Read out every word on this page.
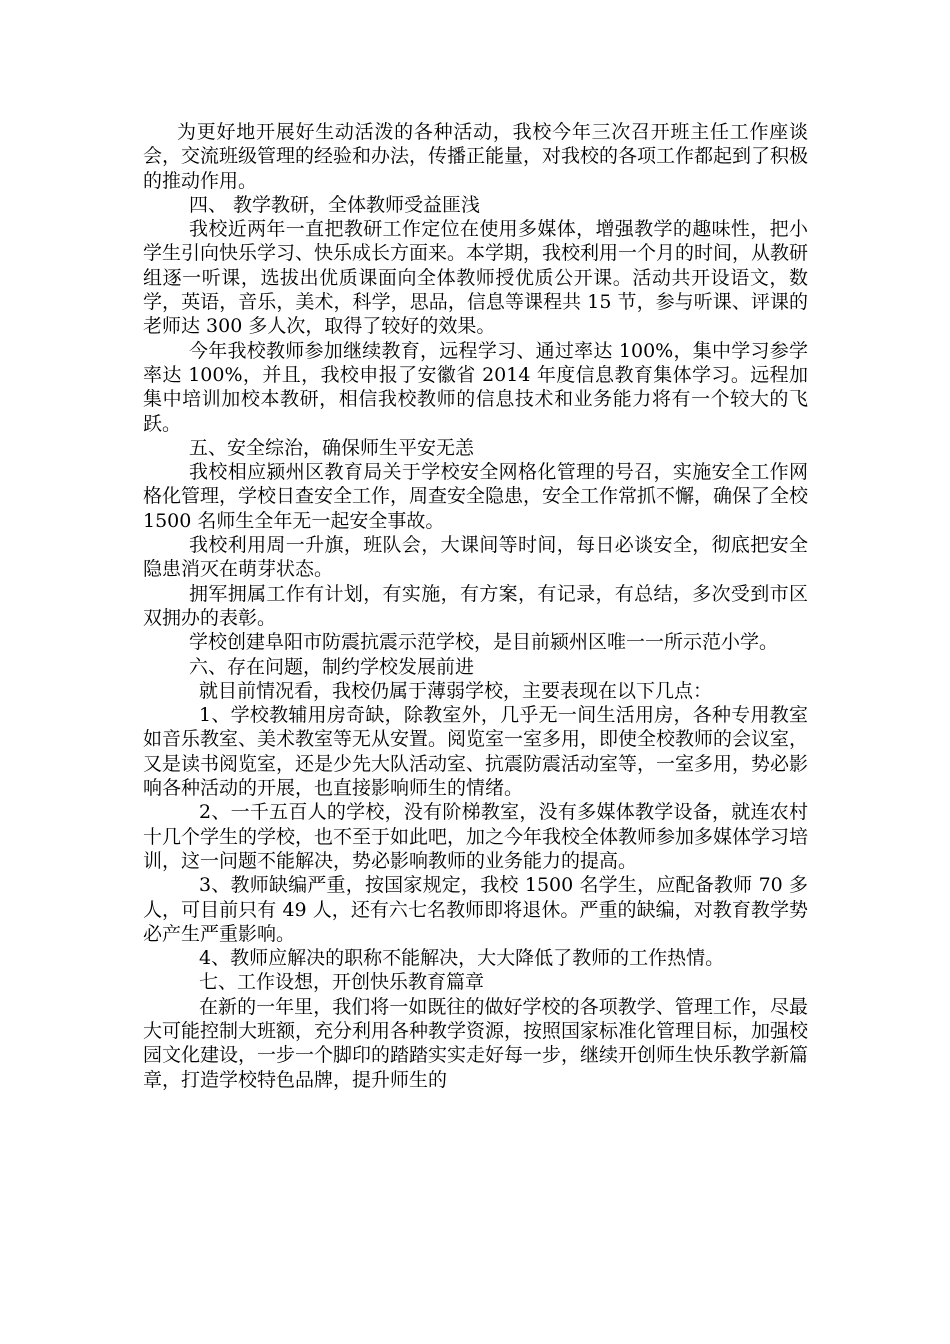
为更好地开展好生动活泼的各种活动，我校今年三次召开班主任工作座谈会，交流班级管理的经验和办法，传播正能量，对我校的各项工作都起到了积极的推动作用。

四、 教学教研，全体教师受益匪浅

我校近两年一直把教研工作定位在使用多媒体，增强教学的趣味性，把小学生引向快乐学习、快乐成长方面来。本学期，我校利用一个月的时间，从教研组逐一听课，选拔出优质课面向全体教师授优质公开课。活动共开设语文，数学，英语，音乐，美术，科学，思品，信息等课程共 15 节，参与听课、评课的老师达 300 多人次，取得了较好的效果。

今年我校教师参加继续教育，远程学习、通过率达 100%，集中学习参学率达 100%，并且，我校申报了安徽省 2014 年度信息教育集体学习。远程加集中培训加校本教研，相信我校教师的信息技术和业务能力将有一个较大的飞跃。

五、安全综治，确保师生平安无恙

我校相应颍州区教育局关于学校安全网格化管理的号召，实施安全工作网格化管理，学校日查安全工作，周查安全隐患，安全工作常抓不懈，确保了全校 1500 名师生全年无一起安全事故。

我校利用周一升旗，班队会，大课间等时间，每日必谈安全，彻底把安全隐患消灭在萌芽状态。

拥军拥属工作有计划，有实施，有方案，有记录，有总结，多次受到市区双拥办的表彰。

学校创建阜阳市防震抗震示范学校，是目前颍州区唯一一所示范小学。

六、存在问题，制约学校发展前进

就目前情况看，我校仍属于薄弱学校，主要表现在以下几点：

1、学校教辅用房奇缺，除教室外，几乎无一间生活用房，各种专用教室如音乐教室、美术教室等无从安置。阅览室一室多用，即使全校教师的会议室，又是读书阅览室，还是少先大队活动室、抗震防震活动室等，一室多用，势必影响各种活动的开展，也直接影响师生的情绪。

2、一千五百人的学校，没有阶梯教室，没有多媒体教学设备，就连农村十几个学生的学校，也不至于如此吧，加之今年我校全体教师参加多媒体学习培训，这一问题不能解决，势必影响教师的业务能力的提高。

3、教师缺编严重，按国家规定，我校 1500 名学生，应配备教师 70 多人，可目前只有 49 人，还有六七名教师即将退休。严重的缺编，对教育教学势必产生严重影响。

4、教师应解决的职称不能解决，大大降低了教师的工作热情。

七、工作设想，开创快乐教育篇章

在新的一年里，我们将一如既往的做好学校的各项教学、管理工作，尽最大可能控制大班额，充分利用各种教学资源，按照国家标准化管理目标，加强校园文化建设，一步一个脚印的踏踏实实走好每一步，继续开创师生快乐教学新篇章，打造学校特色品牌，提升师生的
